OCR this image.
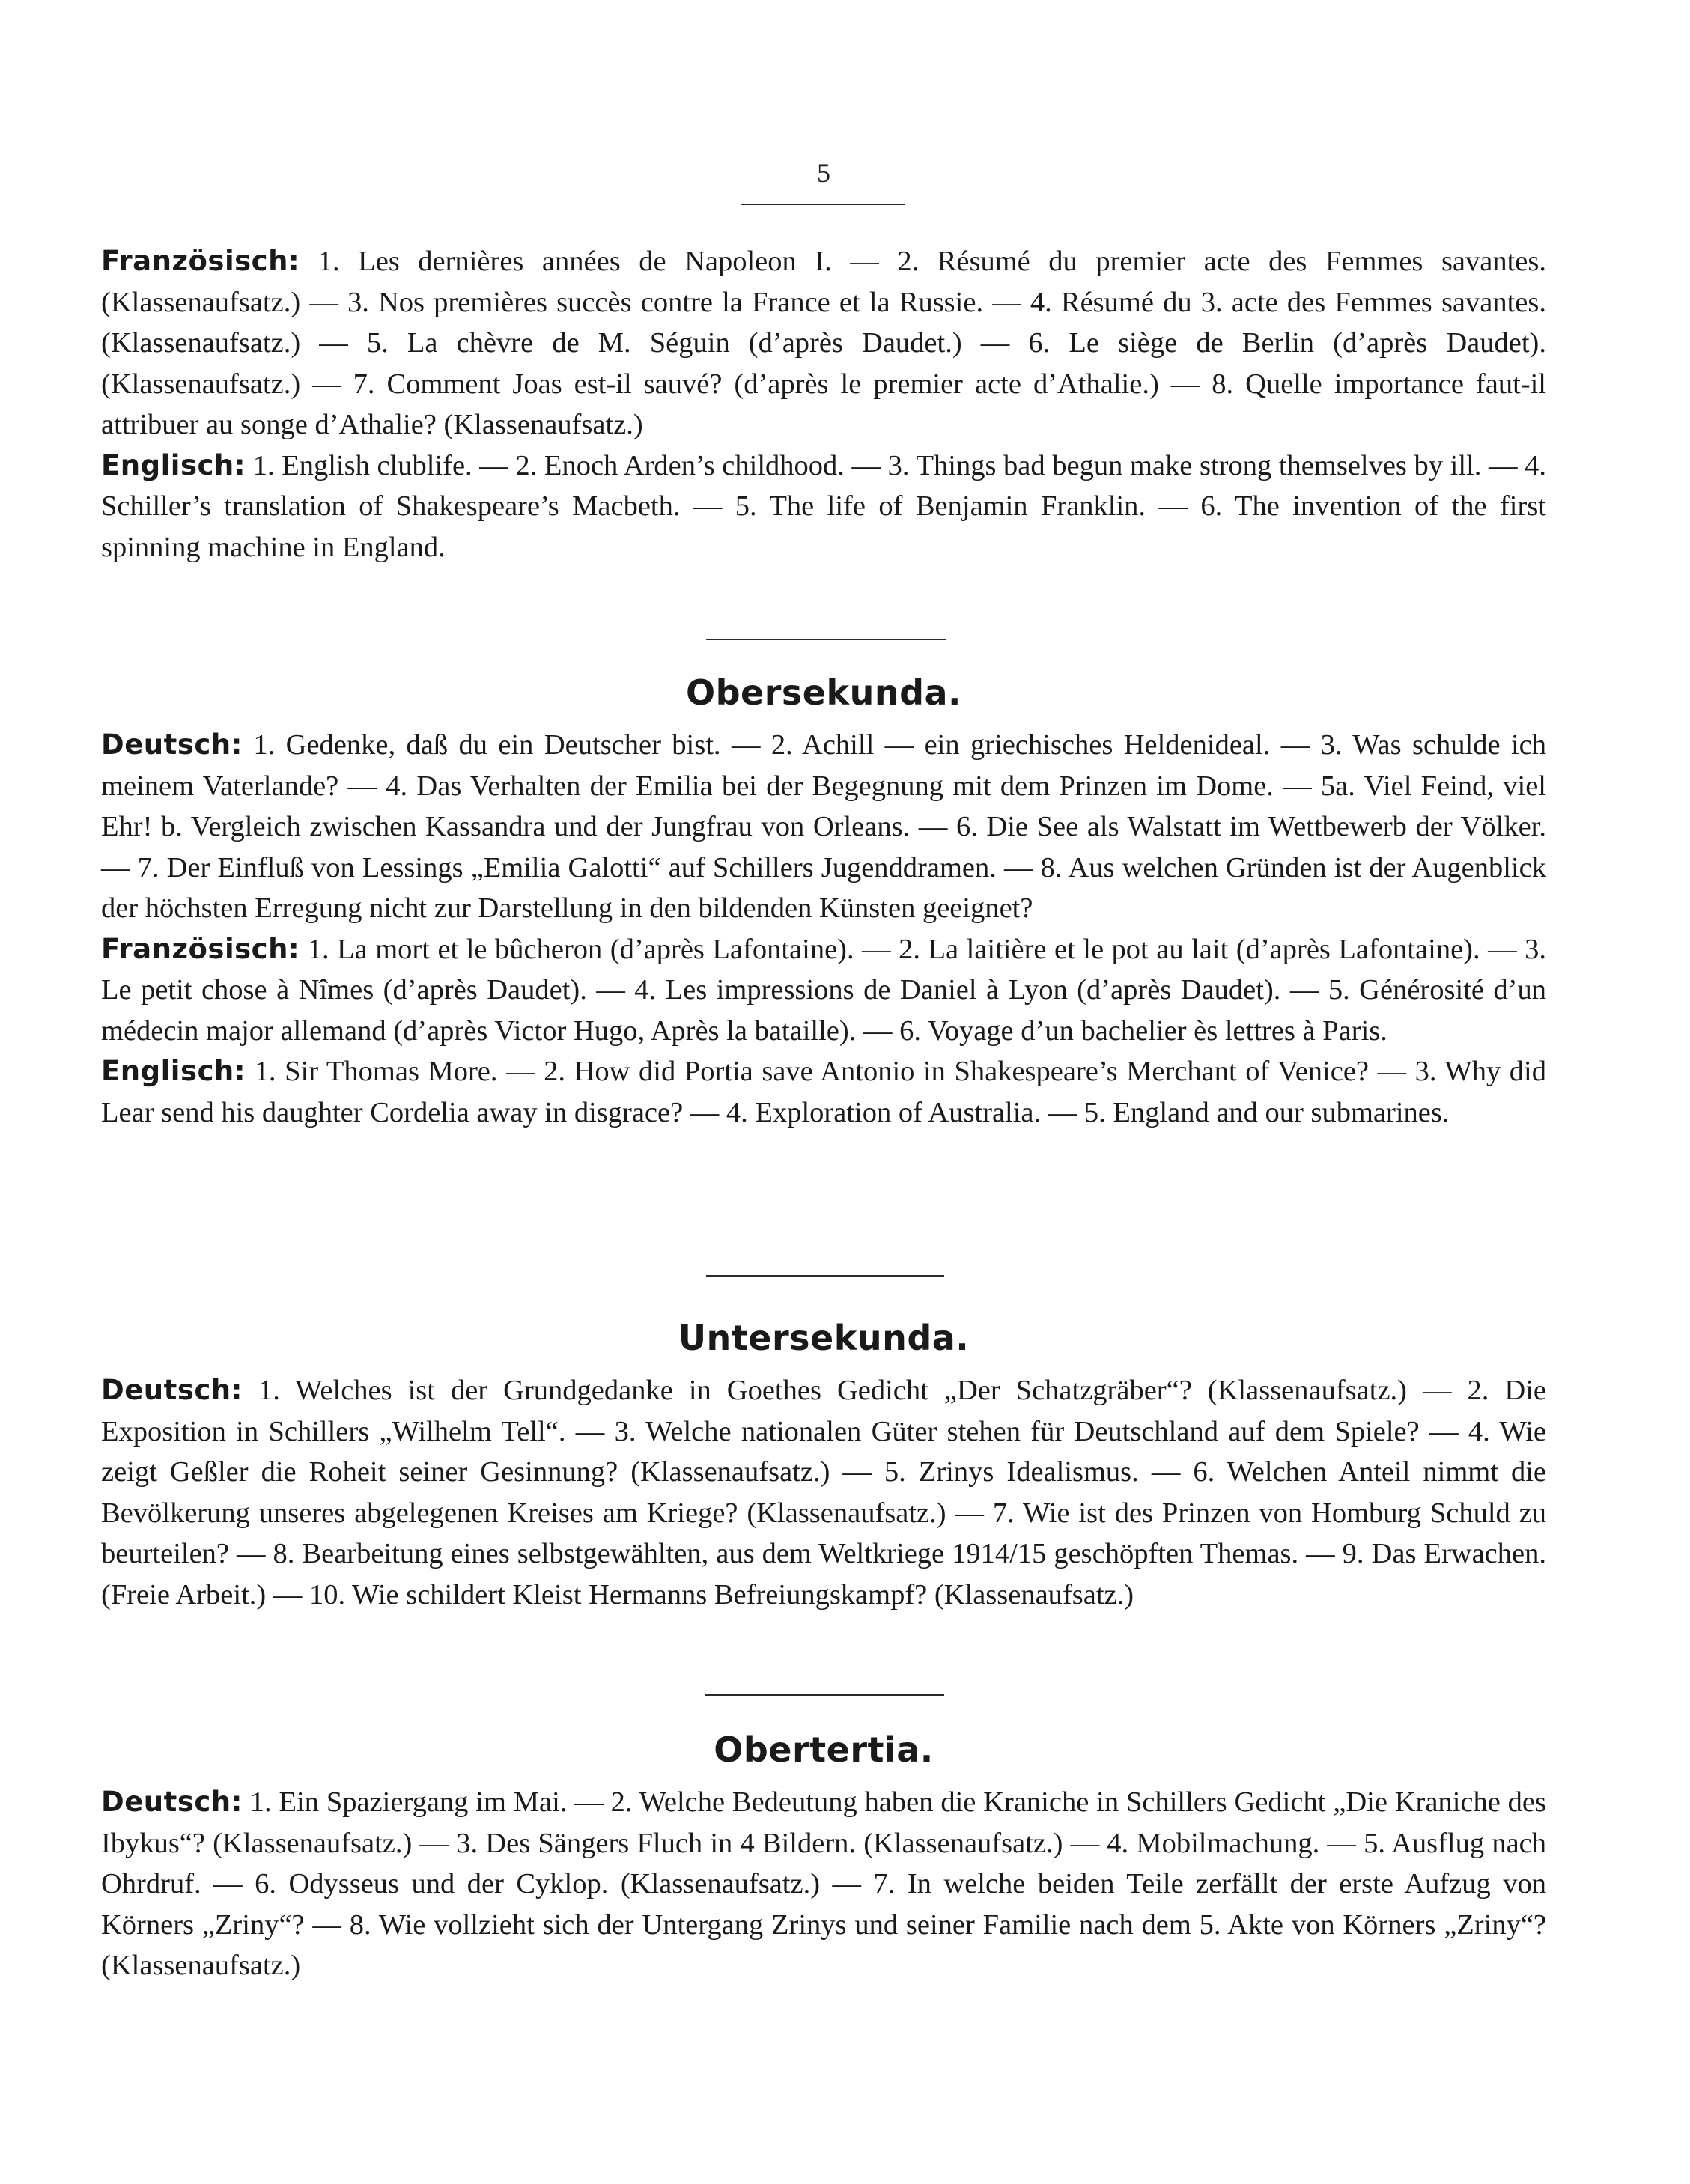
5

Französisch: 1. Les dernières années de Napoleon I. — 2. Résumé du premier acte des Femmes savantes. (Klassenaufsatz.) — 3. Nos premières succès contre la France et la Russie. — 4. Résumé du 3. acte des Femmes savantes. (Klassenaufsatz.) — 5. La chèvre de M. Séguin (d’après Daudet.) — 6. Le siège de Berlin (d’après Daudet). (Klassenaufsatz.) — 7. Comment Joas est-il sauvé? (d’après le premier acte d’Athalie.) — 8. Quelle importance faut-il attribuer au songe d’Athalie? (Klassenaufsatz.)

Englisch: 1. English clublife. — 2. Enoch Arden’s childhood. — 3. Things bad begun make strong themselves by ill. — 4. Schiller’s translation of Shakespeare’s Macbeth. — 5. The life of Benjamin Franklin. — 6. The invention of the first spinning machine in England.

Obersekunda.

Deutsch: 1. Gedenke, daß du ein Deutscher bist. — 2. Achill — ein griechisches Heldenideal. — 3. Was schulde ich meinem Vaterlande? — 4. Das Verhalten der Emilia bei der Begegnung mit dem Prinzen im Dome. — 5a. Viel Feind, viel Ehr! b. Vergleich zwischen Kassandra und der Jungfrau von Orleans. — 6. Die See als Walstatt im Wettbewerb der Völker. — 7. Der Einfluß von Lessings „Emilia Galotti“ auf Schillers Jugenddramen. — 8. Aus welchen Gründen ist der Augenblick der höchsten Erregung nicht zur Darstellung in den bildenden Künsten geeignet?

Französisch: 1. La mort et le bûcheron (d’après Lafontaine). — 2. La laitière et le pot au lait (d’après Lafontaine). — 3. Le petit chose à Nîmes (d’après Daudet). — 4. Les impressions de Daniel à Lyon (d’après Daudet). — 5. Générosité d’un médecin major allemand (d’après Victor Hugo, Après la bataille). — 6. Voyage d’un bachelier ès lettres à Paris.

Englisch: 1. Sir Thomas More. — 2. How did Portia save Antonio in Shakespeare’s Merchant of Venice? — 3. Why did Lear send his daughter Cordelia away in disgrace? — 4. Exploration of Australia. — 5. England and our submarines.

Untersekunda.

Deutsch: 1. Welches ist der Grundgedanke in Goethes Gedicht „Der Schatzgräber“? (Klassenaufsatz.) — 2. Die Exposition in Schillers „Wilhelm Tell“. — 3. Welche nationalen Güter stehen für Deutschland auf dem Spiele? — 4. Wie zeigt Geßler die Roheit seiner Gesinnung? (Klassenaufsatz.) — 5. Zrinys Idealismus. — 6. Welchen Anteil nimmt die Bevölkerung unseres abgelegenen Kreises am Kriege? (Klassenaufsatz.) — 7. Wie ist des Prinzen von Homburg Schuld zu beurteilen? — 8. Bearbeitung eines selbstgewählten, aus dem Weltkriege 1914/15 geschöpften Themas. — 9. Das Erwachen. (Freie Arbeit.) — 10. Wie schildert Kleist Hermanns Befreiungskampf? (Klassenaufsatz.)

Obertertia.

Deutsch: 1. Ein Spaziergang im Mai. — 2. Welche Bedeutung haben die Kraniche in Schillers Gedicht „Die Kraniche des Ibykus“? (Klassenaufsatz.) — 3. Des Sängers Fluch in 4 Bildern. (Klassenaufsatz.) — 4. Mobilmachung. — 5. Ausflug nach Ohrdruf. — 6. Odysseus und der Cyklop. (Klassenaufsatz.) — 7. In welche beiden Teile zerfällt der erste Aufzug von Körners „Zriny“? — 8. Wie vollzieht sich der Untergang Zrinys und seiner Familie nach dem 5. Akte von Körners „Zriny“? (Klassenaufsatz.)
